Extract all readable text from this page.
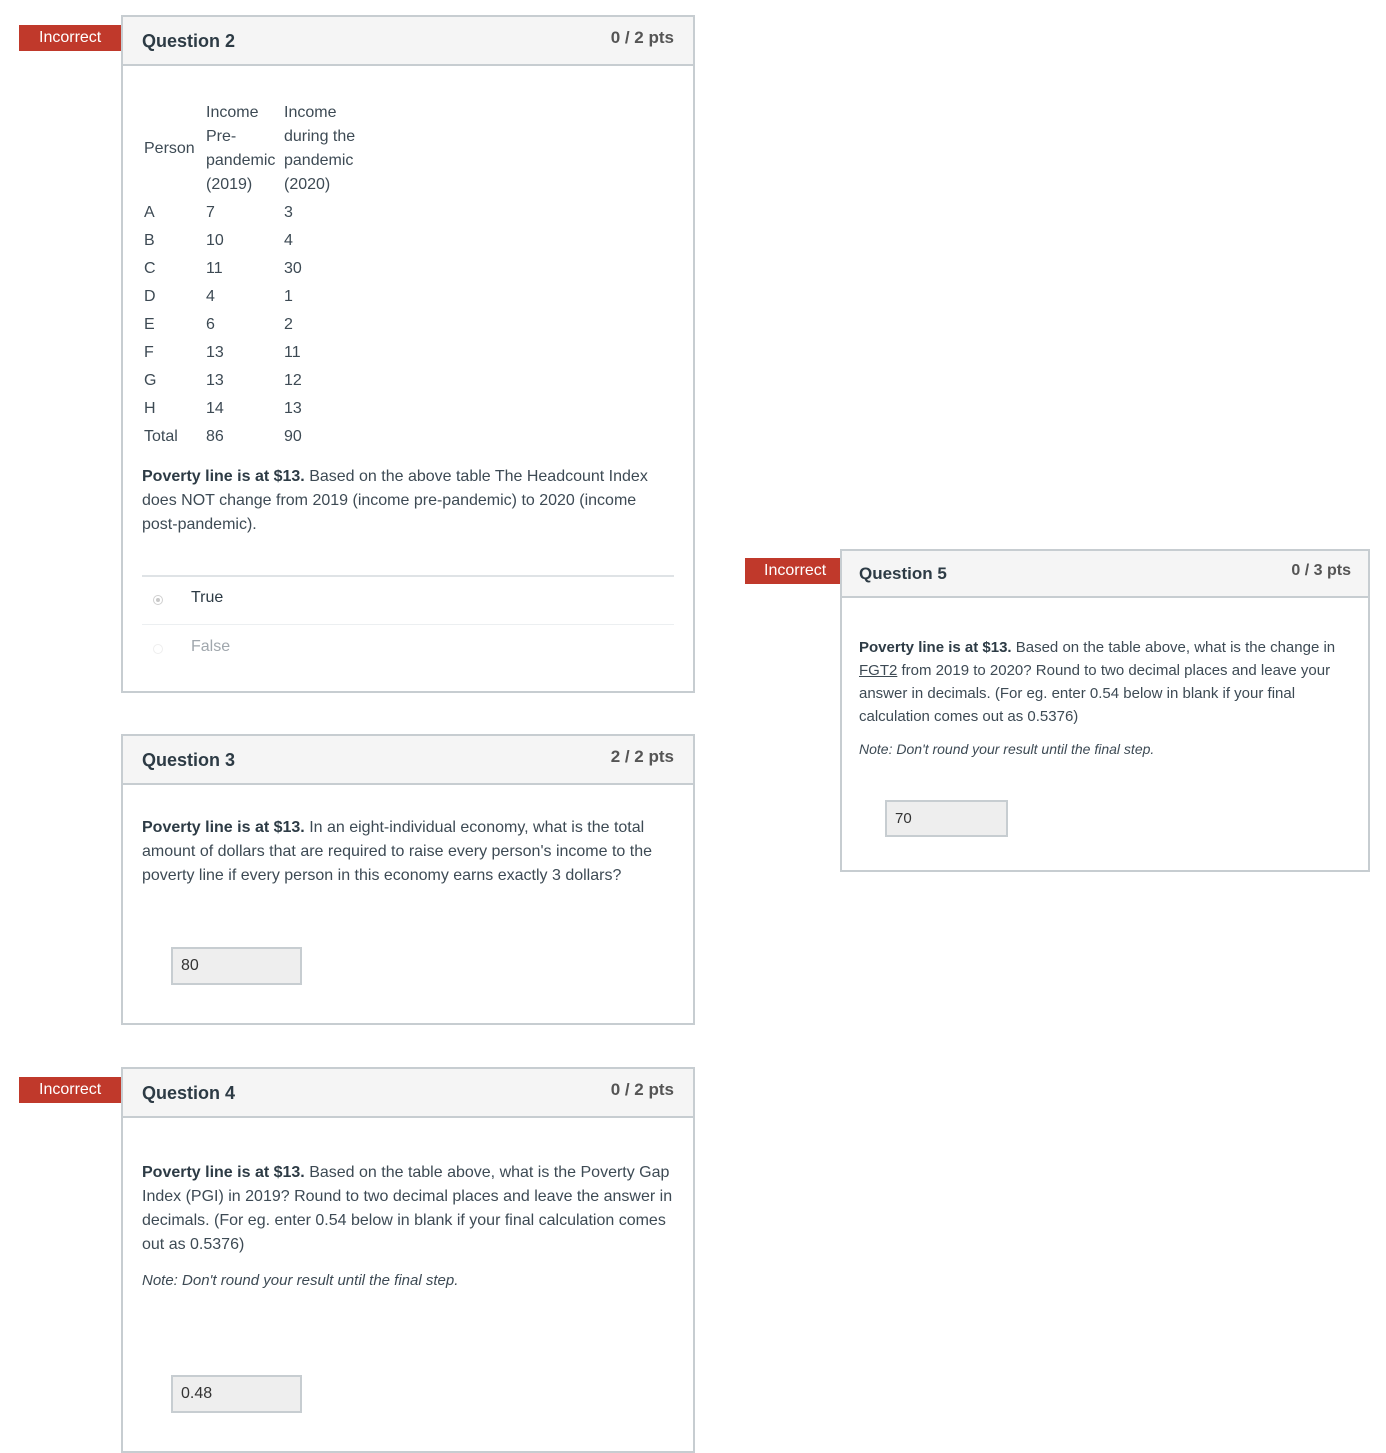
Incorrect	Question 2	0 / 2 pts
Person	Income Pre-pandemic (2019)	Income during the pandemic (2020)
A	7	3
B	10	4
C	11	30
D	4	1
E	6	2
F	13	11
G	13	12
H	14	13
Total	86	90

Poverty line is at $13. Based on the above table The Headcount Index does NOT change from 2019 (income pre-pandemic) to 2020 (income post-pandemic).

True
False
Question 3	2 / 2 pts

Poverty line is at $13. In an eight-individual economy, what is the total amount of dollars that are required to raise every person's income to the poverty line if every person in this economy earns exactly 3 dollars?

80
Incorrect	Question 4	0 / 2 pts

Poverty line is at $13. Based on the table above, what is the Poverty Gap Index (PGI) in 2019? Round to two decimal places and leave the answer in decimals. (For eg. enter 0.54 below in blank if your final calculation comes out as 0.5376)

Note: Don't round your result until the final step.

0.48
Incorrect	Question 5	0 / 3 pts

Poverty line is at $13. Based on the table above, what is the change in FGT2 from 2019 to 2020? Round to two decimal places and leave your answer in decimals. (For eg. enter 0.54 below in blank if your final calculation comes out as 0.5376)

Note: Don't round your result until the final step.

70
